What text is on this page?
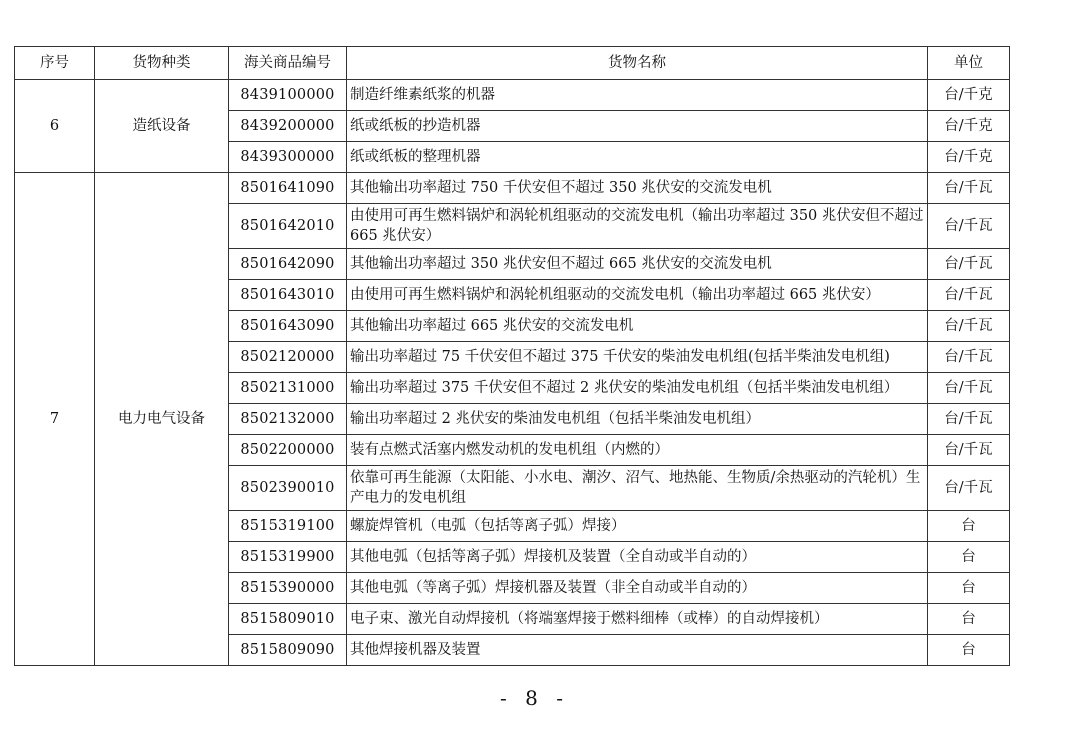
序号	货物种类	海关商品编号	货物名称	单位
6	造纸设备	8439100000	制造纤维素纸浆的机器	台/千克
		8439200000	纸或纸板的抄造机器	台/千克
		8439300000	纸或纸板的整理机器	台/千克
7	电力电气设备	8501641090	其他输出功率超过 750 千伏安但不超过 350 兆伏安的交流发电机	台/千瓦
		8501642010	由使用可再生燃料锅炉和涡轮机组驱动的交流发电机（输出功率超过 350 兆伏安但不超过 665 兆伏安）	台/千瓦
		8501642090	其他输出功率超过 350 兆伏安但不超过 665 兆伏安的交流发电机	台/千瓦
		8501643010	由使用可再生燃料锅炉和涡轮机组驱动的交流发电机（输出功率超过 665 兆伏安）	台/千瓦
		8501643090	其他输出功率超过 665 兆伏安的交流发电机	台/千瓦
		8502120000	输出功率超过 75 千伏安但不超过 375 千伏安的柴油发电机组(包括半柴油发电机组)	台/千瓦
		8502131000	输出功率超过 375 千伏安但不超过 2 兆伏安的柴油发电机组（包括半柴油发电机组）	台/千瓦
		8502132000	输出功率超过 2 兆伏安的柴油发电机组（包括半柴油发电机组）	台/千瓦
		8502200000	装有点燃式活塞内燃发动机的发电机组（内燃的）	台/千瓦
		8502390010	依靠可再生能源（太阳能、小水电、潮汐、沼气、地热能、生物质/余热驱动的汽轮机）生产电力的发电机组	台/千瓦
		8515319100	螺旋焊管机（电弧（包括等离子弧）焊接）	台
		8515319900	其他电弧（包括等离子弧）焊接机及装置（全自动或半自动的）	台
		8515390000	其他电弧（等离子弧）焊接机器及装置（非全自动或半自动的）	台
		8515809010	电子束、激光自动焊接机（将端塞焊接于燃料细棒（或棒）的自动焊接机）	台
		8515809090	其他焊接机器及装置	台
- 8 -
